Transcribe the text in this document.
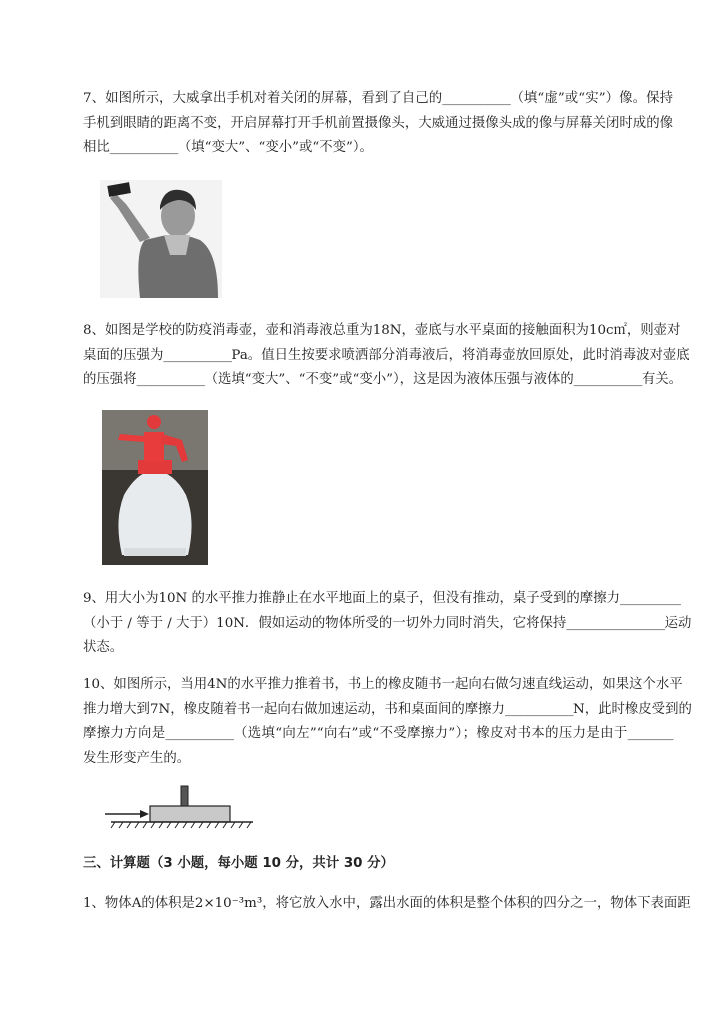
7、如图所示，大威拿出手机对着关闭的屏幕，看到了自己的_________（填“虚”或“实”）像。保持
手机到眼睛的距离不变，开启屏幕打开手机前置摄像头，大威通过摄像头成的像与屏幕关闭时成的像
相比_________（填“变大”、“变小”或“不变”）。
8、如图是学校的防疫消毒壶，壶和消毒液总重为18N，壶底与水平桌面的接触面积为10c㎡，则壶对
桌面的压强为_________Pa。值日生按要求喷洒部分消毒液后，将消毒壶放回原处，此时消毒波对壶底
的压强将_________（选填“变大”、“不变”或“变小”），这是因为液体压强与液体的_________有关。
9、用大小为10N 的水平推力推静止在水平地面上的桌子，但没有推动，桌子受到的摩擦力________
（小于 / 等于 / 大于）10N．假如运动的物体所受的一切外力同时消失，它将保持_____________运动
状态。
10、如图所示，当用4N的水平推力推着书，书上的橡皮随书一起向右做匀速直线运动，如果这个水平
推力增大到7N，橡皮随着书一起向右做加速运动，书和桌面间的摩擦力_________N，此时橡皮受到的
摩擦力方向是_________（选填“向左”“向右”或“不受摩擦力”）；橡皮对书本的压力是由于______
发生形变产生的。
三、计算题（3 小题，每小题 10 分，共计 30 分）
1、物体A的体积是2×10⁻³m³，将它放入水中，露出水面的体积是整个体积的四分之一，物体下表面距
